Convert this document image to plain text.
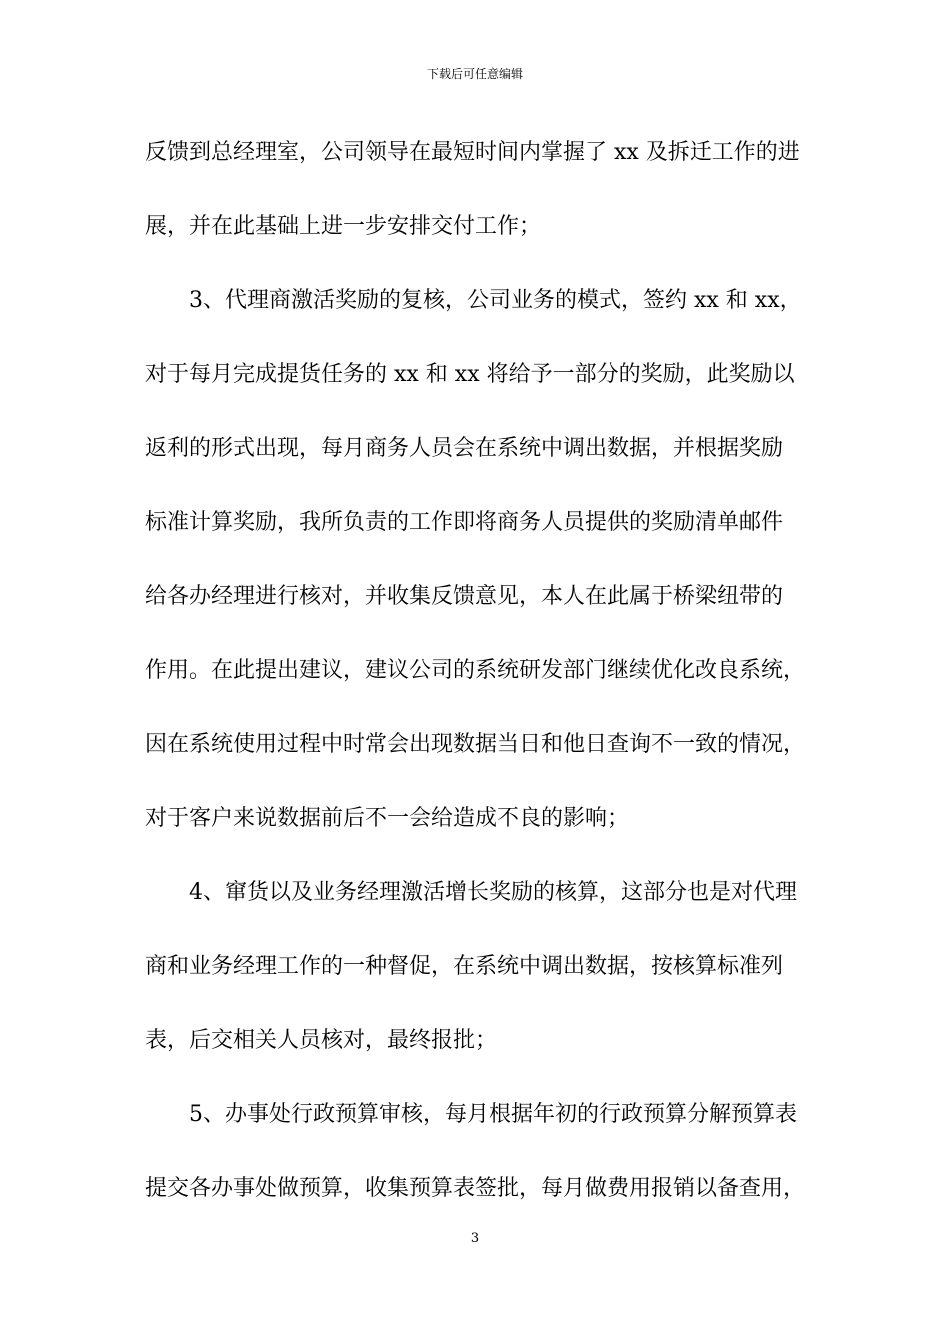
下载后可任意编辑
反馈到总经理室，公司领导在最短时间内掌握了 xx 及拆迁工作的进
展，并在此基础上进一步安排交付工作；
　　3、代理商激活奖励的复核，公司业务的模式，签约 xx 和 xx，
对于每月完成提货任务的 xx 和 xx 将给予一部分的奖励，此奖励以
返利的形式出现，每月商务人员会在系统中调出数据，并根据奖励
标准计算奖励，我所负责的工作即将商务人员提供的奖励清单邮件
给各办经理进行核对，并收集反馈意见，本人在此属于桥梁纽带的
作用。在此提出建议，建议公司的系统研发部门继续优化改良系统，
因在系统使用过程中时常会出现数据当日和他日查询不一致的情况，
对于客户来说数据前后不一会给造成不良的影响；
　　4、窜货以及业务经理激活增长奖励的核算，这部分也是对代理
商和业务经理工作的一种督促，在系统中调出数据，按核算标准列
表，后交相关人员核对，最终报批；
　　5、办事处行政预算审核，每月根据年初的行政预算分解预算表
提交各办事处做预算，收集预算表签批，每月做费用报销以备查用，
3
